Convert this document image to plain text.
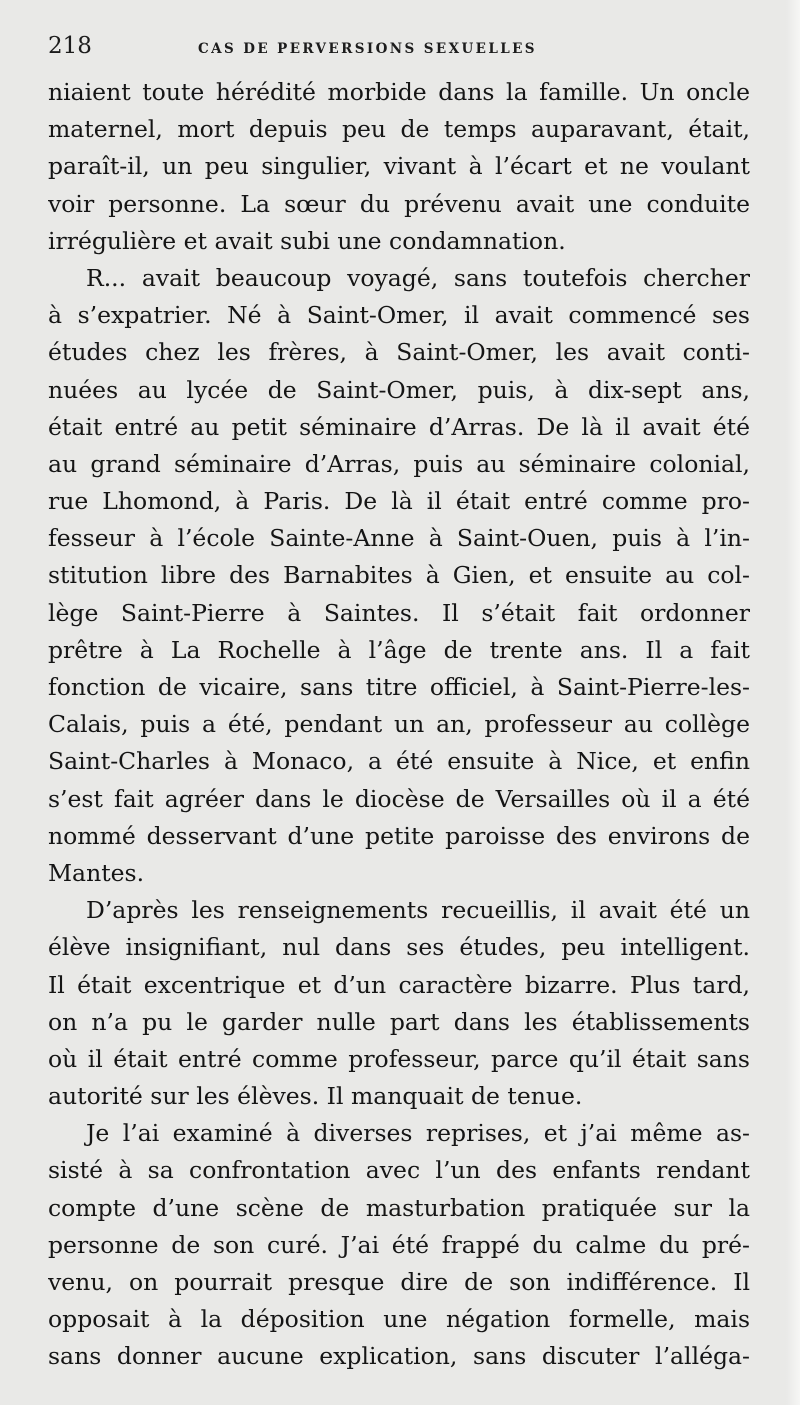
218	CAS DE PERVERSIONS SEXUELLES
niaient toute hérédité morbide dans la famille. Un oncle
maternel, mort depuis peu de temps auparavant, était,
paraît-il, un peu singulier, vivant à l’écart et ne voulant
voir personne. La sœur du prévenu avait une conduite
irrégulière et avait subi une condamnation.
R... avait beaucoup voyagé, sans toutefois chercher
à s’expatrier. Né à Saint-Omer, il avait commencé ses
études chez les frères, à Saint-Omer, les avait conti-
nuées au lycée de Saint-Omer, puis, à dix-sept ans,
était entré au petit séminaire d’Arras. De là il avait été
au grand séminaire d’Arras, puis au séminaire colonial,
rue Lhomond, à Paris. De là il était entré comme pro-
fesseur à l’école Sainte-Anne à Saint-Ouen, puis à l’in-
stitution libre des Barnabites à Gien, et ensuite au col-
lège Saint-Pierre à Saintes. Il s’était fait ordonner
prêtre à La Rochelle à l’âge de trente ans. Il a fait
fonction de vicaire, sans titre officiel, à Saint-Pierre-les-
Calais, puis a été, pendant un an, professeur au collège
Saint-Charles à Monaco, a été ensuite à Nice, et enfin
s’est fait agréer dans le diocèse de Versailles où il a été
nommé desservant d’une petite paroisse des environs de
Mantes.
D’après les renseignements recueillis, il avait été un
élève insignifiant, nul dans ses études, peu intelligent.
Il était excentrique et d’un caractère bizarre. Plus tard,
on n’a pu le garder nulle part dans les établissements
où il était entré comme professeur, parce qu’il était sans
autorité sur les élèves. Il manquait de tenue.
Je l’ai examiné à diverses reprises, et j’ai même as-
sisté à sa confrontation avec l’un des enfants rendant
compte d’une scène de masturbation pratiquée sur la
personne de son curé. J’ai été frappé du calme du pré-
venu, on pourrait presque dire de son indifférence. Il
opposait à la déposition une négation formelle, mais
sans donner aucune explication, sans discuter l’alléga-
